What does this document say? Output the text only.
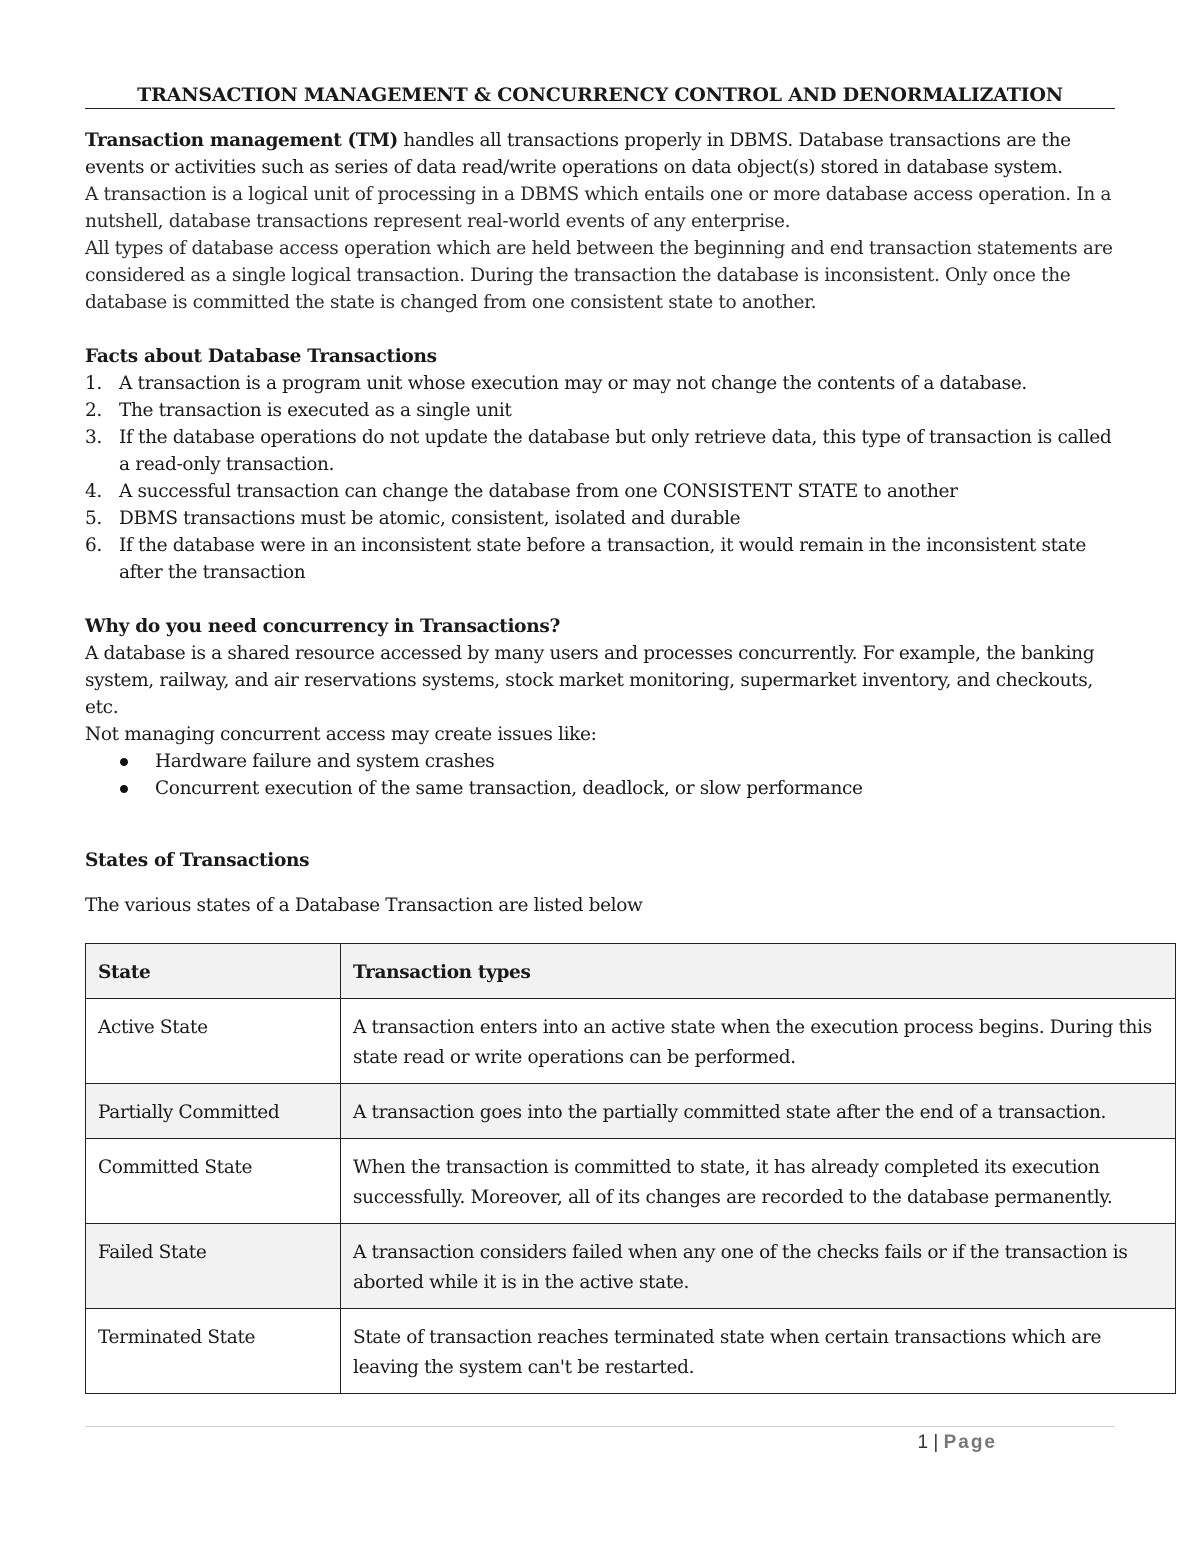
TRANSACTION MANAGEMENT & CONCURRENCY CONTROL AND DENORMALIZATION

Transaction management (TM) handles all transactions properly in DBMS. Database transactions are the events or activities such as series of data read/write operations on data object(s) stored in database system.

A transaction is a logical unit of processing in a DBMS which entails one or more database access operation. In a nutshell, database transactions represent real-world events of any enterprise.

All types of database access operation which are held between the beginning and end transaction statements are considered as a single logical transaction. During the transaction the database is inconsistent. Only once the database is committed the state is changed from one consistent state to another.

Facts about Database Transactions

1. A transaction is a program unit whose execution may or may not change the contents of a database.
2. The transaction is executed as a single unit
3. If the database operations do not update the database but only retrieve data, this type of transaction is called a read-only transaction.
4. A successful transaction can change the database from one CONSISTENT STATE to another
5. DBMS transactions must be atomic, consistent, isolated and durable
6. If the database were in an inconsistent state before a transaction, it would remain in the inconsistent state after the transaction

Why do you need concurrency in Transactions?

A database is a shared resource accessed by many users and processes concurrently. For example, the banking system, railway, and air reservations systems, stock market monitoring, supermarket inventory, and checkouts, etc.

Not managing concurrent access may create issues like:

Hardware failure and system crashes
Concurrent execution of the same transaction, deadlock, or slow performance

States of Transactions

The various states of a Database Transaction are listed below

State	Transaction types
Active State	A transaction enters into an active state when the execution process begins. During this state read or write operations can be performed.
Partially Committed	A transaction goes into the partially committed state after the end of a transaction.
Committed State	When the transaction is committed to state, it has already completed its execution successfully. Moreover, all of its changes are recorded to the database permanently.
Failed State	A transaction considers failed when any one of the checks fails or if the transaction is aborted while it is in the active state.
Terminated State	State of transaction reaches terminated state when certain transactions which are leaving the system can't be restarted.
1 | Page
